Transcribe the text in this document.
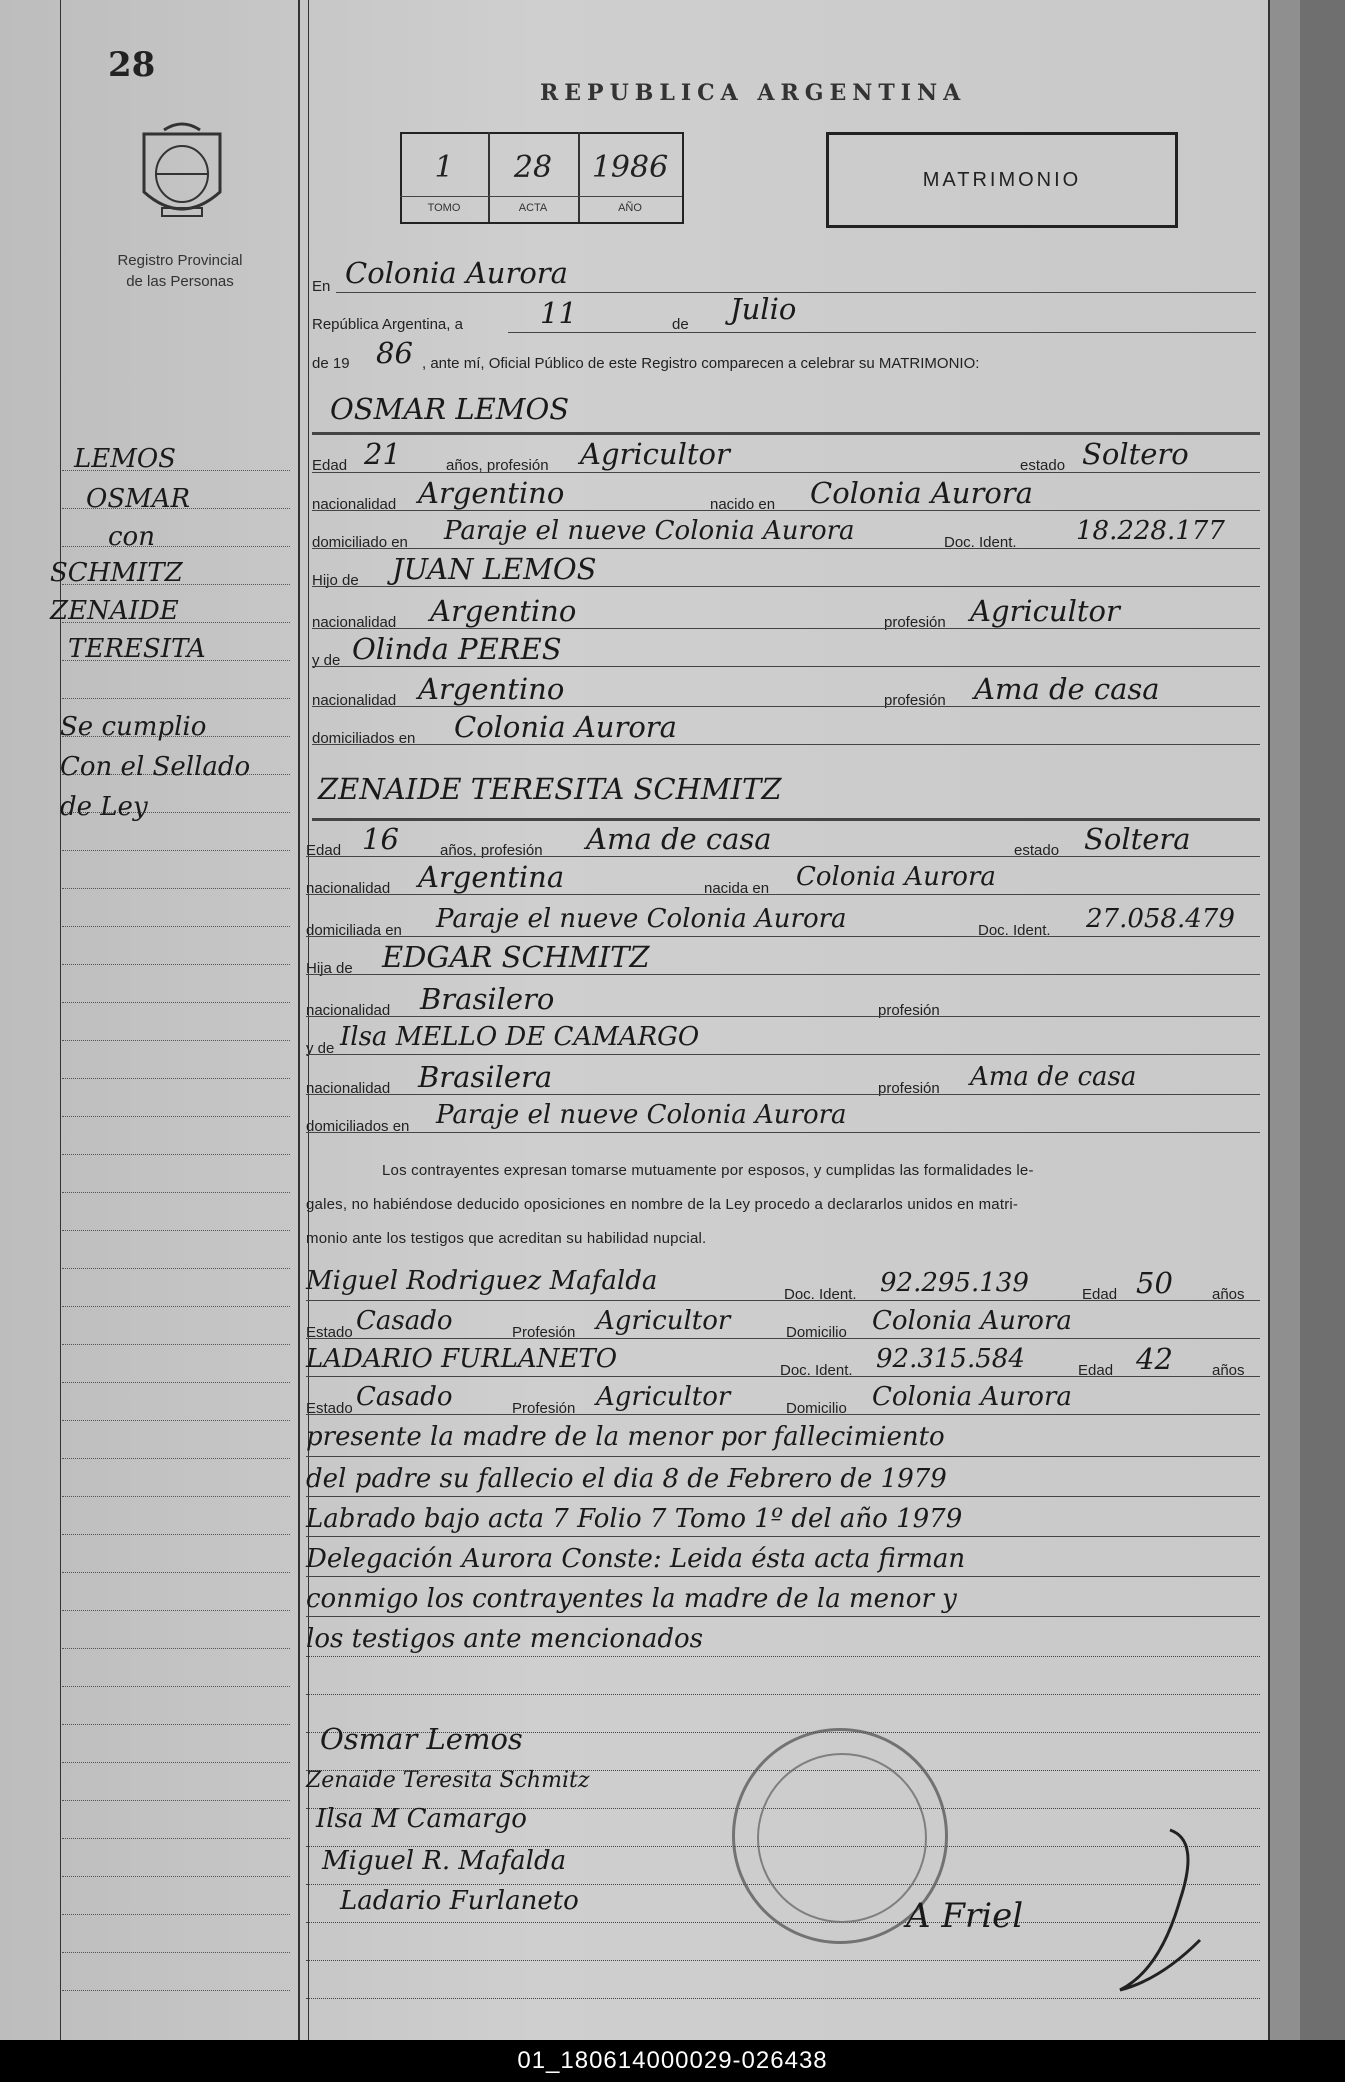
28
Registro Provincial
de las Personas
REPUBLICA ARGENTINA
1	28	1986
TOMO	ACTA	AÑO
MATRIMONIO
En Colonia Aurora
República Argentina, a	11	de Julio
de 19 86 , ante mí, Oficial Público de este Registro comparecen a celebrar su MATRIMONIO:
OSMAR LEMOS
Edad 21	años, profesión Agricultor	estado Soltero
nacionalidad Argentino	nacido en Colonia Aurora
domiciliado en Paraje el nueve Colonia Aurora	Doc. Ident. 18.228.177
Hijo de JUAN LEMOS
nacionalidad Argentino	profesión Agricultor
y de Olinda PERES
nacionalidad Argentino	profesión Ama de casa
domiciliados en Colonia Aurora
ZENAIDE TERESITA SCHMITZ
Edad 16	años, profesión Ama de casa	estado Soltera
nacionalidad Argentina	nacida en Colonia Aurora
domiciliada en Paraje el nueve Colonia Aurora	Doc. Ident. 27.058.479
Hija de EDGAR SCHMITZ
nacionalidad Brasilero	profesión
y de Ilsa MELLO DE CAMARGO
nacionalidad Brasilera	profesión Ama de casa
domiciliados en Paraje el nueve Colonia Aurora
Los contrayentes expresan tomarse mutuamente por esposos, y cumplidas las formalidades le-
gales, no habiéndose deducido oposiciones en nombre de la Ley procedo a declararlos unidos en matri-
monio ante los testigos que acreditan su habilidad nupcial.
Miguel Rodriguez Mafalda	Doc. Ident. 92.295.139	Edad 50	años
Estado Casado	Profesión Agricultor	Domicilio Colonia Aurora
LADARIO FURLANETO	Doc. Ident. 92.315.584	Edad 42	años
Estado Casado	Profesión Agricultor	Domicilio Colonia Aurora
presente la madre de la menor por fallecimiento
del padre su fallecio el dia 8 de Febrero de 1979
Labrado bajo acta 7 Folio 7 Tomo 1º del año 1979
Delegación Aurora Conste: Leida ésta acta firman
conmigo los contrayentes la madre de la menor y
los testigos ante mencionados
LEMOS
OSMAR
con
SCHMITZ
ZENAIDE
TERESITA
Se cumplio
Con el Sellado
de Ley
Osmar Lemos
Zenaide Teresita Schmitz
Ilsa M Camargo
Miguel R. Mafalda
Ladario Furlaneto	A Friel
01_180614000029-026438
